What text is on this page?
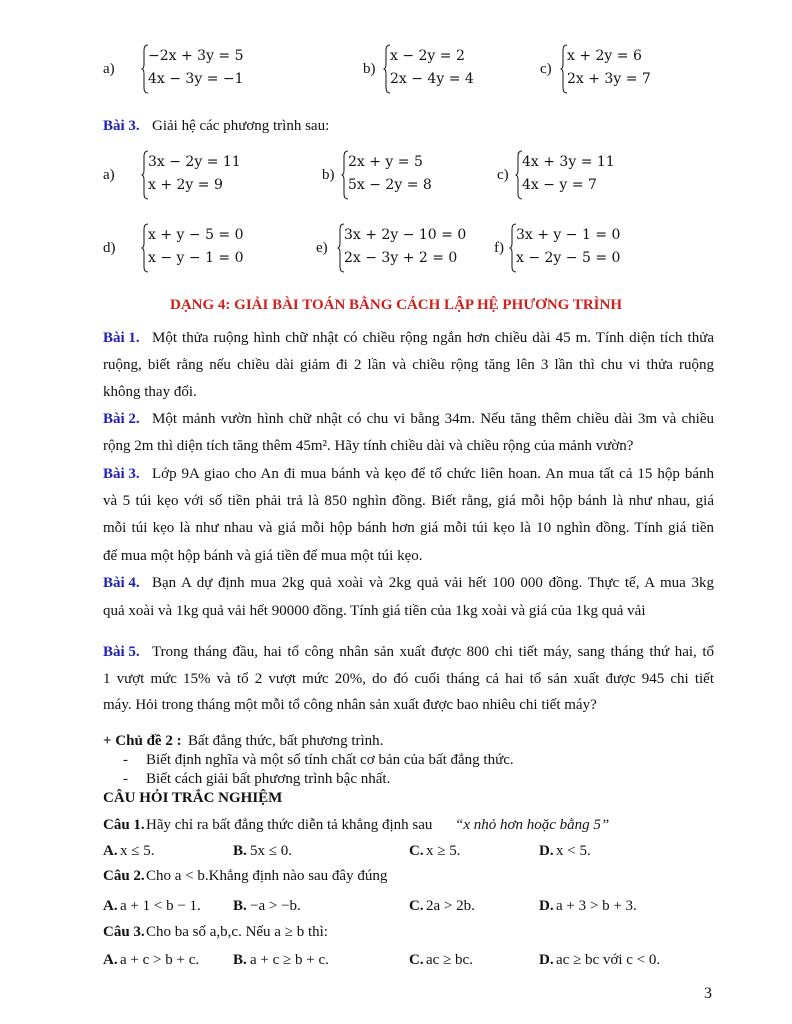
Bài 3. Giải hệ các phương trình sau:
DẠNG 4: GIẢI BÀI TOÁN BẰNG CÁCH LẬP HỆ PHƯƠNG TRÌNH
+ Chủ đề 2 : Bất đẳng thức, bất phương trình.
- Biết định nghĩa và một số tính chất cơ bản của bất đẳng thức.
- Biết cách giải bất phương trình bậc nhất.
CÂU HỎI TRẮC NGHIỆM
3
a)
−2x + 3y = 5
4x − 3y = −1
b)
x − 2y = 2
2x − 4y = 4
c)
x + 2y = 6
2x + 3y = 7
a)
3x − 2y = 11
x + 2y = 9
b)
2x + y = 5
5x − 2y = 8
c)
4x + 3y = 11
4x − y = 7
d)
x + y − 5 = 0
x − y − 1 = 0
e)
3x + 2y − 10 = 0
2x − 3y + 2 = 0
f)
3x + y − 1 = 0
x − 2y − 5 = 0
Bài 1. Một thửa ruộng hình chữ nhật có chiều rộng ngắn hơn chiều dài 45 m. Tính diện tích thửa
ruộng, biết rằng nếu chiều dài giảm đi 2 lần và chiều rộng tăng lên 3 lần thì chu vi thửa ruộng
không thay đổi.
Bài 2. Một mảnh vườn hình chữ nhật có chu vi bằng 34m. Nếu tăng thêm chiều dài 3m và chiều
rộng 2m thì diện tích tăng thêm 45m². Hãy tính chiều dài và chiều rộng của mảnh vườn?
Bài 3. Lớp 9A giao cho An đi mua bánh và kẹo để tổ chức liên hoan. An mua tất cả 15 hộp bánh
và 5 túi kẹo với số tiền phải trả là 850 nghìn đồng. Biết rằng, giá mỗi hộp bánh là như nhau, giá
mỗi túi kẹo là như nhau và giá mỗi hộp bánh hơn giá mỗi túi kẹo là 10 nghìn đồng. Tính giá tiền
để mua một hộp bánh và giá tiền để mua một túi kẹo.
Bài 4. Bạn A dự định mua 2kg quả xoài và 2kg quả vải hết 100 000 đồng. Thực tế, A mua 3kg
quả xoài và 1kg quả vải hết 90000 đồng. Tính giá tiền của 1kg xoài và giá của 1kg quả vải
Bài 5. Trong tháng đầu, hai tổ công nhân sản xuất được 800 chi tiết máy, sang tháng thứ hai, tổ
1 vượt mức 15% và tổ 2 vượt mức 20%, do đó cuối tháng cả hai tổ sản xuất được 945 chi tiết
máy. Hỏi trong tháng một mỗi tổ công nhân sản xuất được bao nhiêu chi tiết máy?
Câu 1. Hãy chỉ ra bất đẳng thức diễn tả khẳng định sau “x nhỏ hơn hoặc bằng 5”
A. x ≤ 5.	B. 5x ≤ 0.	C. x ≥ 5.	D. x < 5.
Câu 2. Cho a < b.Khẳng định nào sau đây đúng
A. a + 1 < b − 1. B. −a > −b.	C. 2a > 2b.	D. a + 3 > b + 3.
Câu 3. Cho ba số a,b,c. Nếu a ≥ b thì:
A. a + c > b + c. B. a + c ≥ b + c.	C. ac ≥ bc.	D. ac ≥ bc với c < 0.
